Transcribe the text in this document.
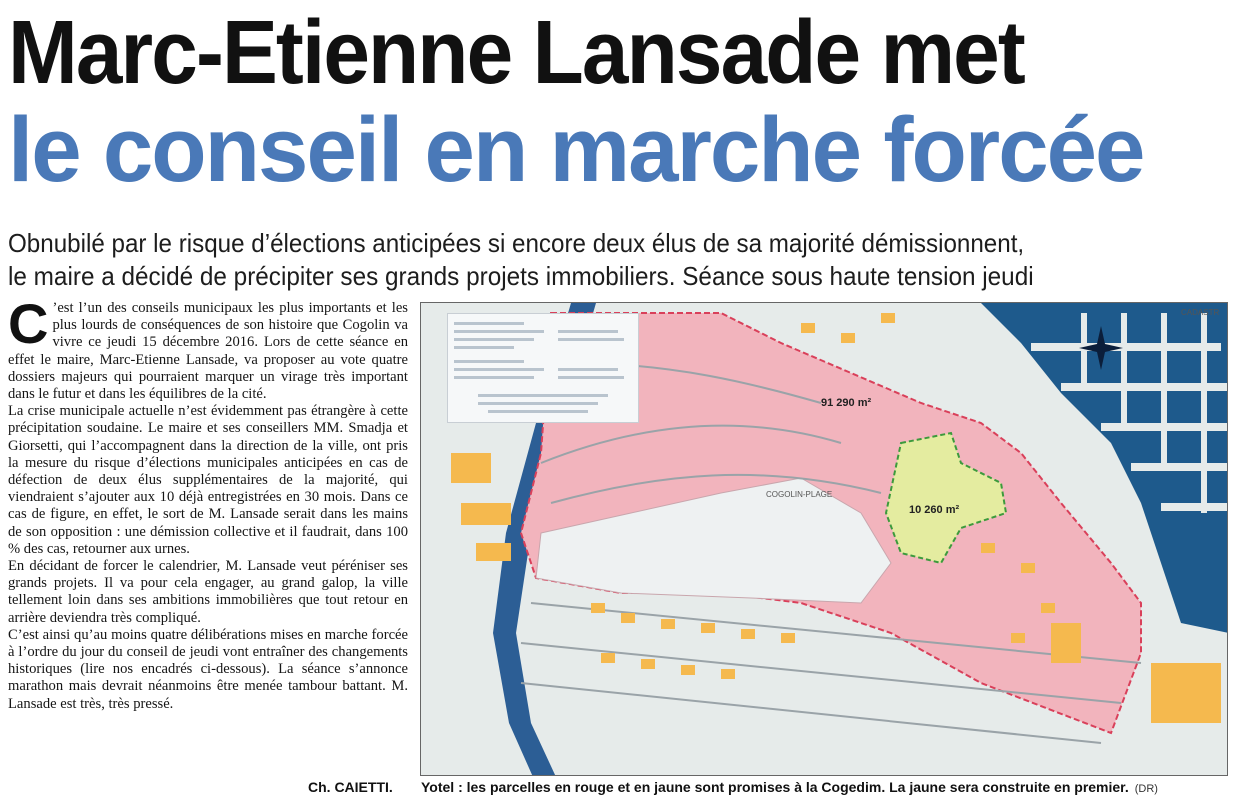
Marc-Etienne Lansade met
le conseil en marche forcée
Obnubilé par le risque d’élections anticipées si encore deux élus de sa majorité démissionnent,
le maire a décidé de précipiter ses grands projets immobiliers. Séance sous haute tension jeudi
C ’est l’un des conseils municipaux les plus importants et les plus lourds de conséquences de son histoire que Cogolin va vivre ce jeudi 15 décembre 2016. Lors de cette séance en effet le maire, Marc-Etienne Lansade, va proposer au vote quatre dossiers majeurs qui pourraient marquer un virage très important dans le futur et dans les équilibres de la cité.

La crise municipale actuelle n’est évidemment pas étrangère à cette précipitation soudaine. Le maire et ses conseillers MM. Smadja et Giorsetti, qui l’accompagnent dans la direction de la ville, ont pris la mesure du risque d’élections municipales anticipées en cas de défection de deux élus supplémentaires de la majorité, qui viendraient s’ajouter aux 10 déjà entregistrées en 30 mois. Dans ce cas de figure, en effet, le sort de M. Lansade serait dans les mains de son opposition : une démission collective et il faudrait, dans 100 % des cas, retourner aux urnes.

En décidant de forcer le calendrier, M. Lansade veut péréniser ses grands projets. Il va pour cela engager, au grand galop, la ville tellement loin dans ses ambitions immobilières que tout retour en arrière deviendra très compliqué.

C’est ainsi qu’au moins quatre délibérations mises en marche forcée à l’ordre du jour du conseil de jeudi vont entraîner des changements historiques (lire nos encadrés ci-dessous). La séance s’annonce marathon mais devrait néanmoins être menée tambour battant. M. Lansade est très, très pressé.

Ch. CAIETTI.
CADASTR
91 290 m²
10 260 m²
COGOLIN-PLAGE
Yotel : les parcelles en rouge et en jaune sont promises à la Cogedim. La jaune sera construite en premier. (DR)
